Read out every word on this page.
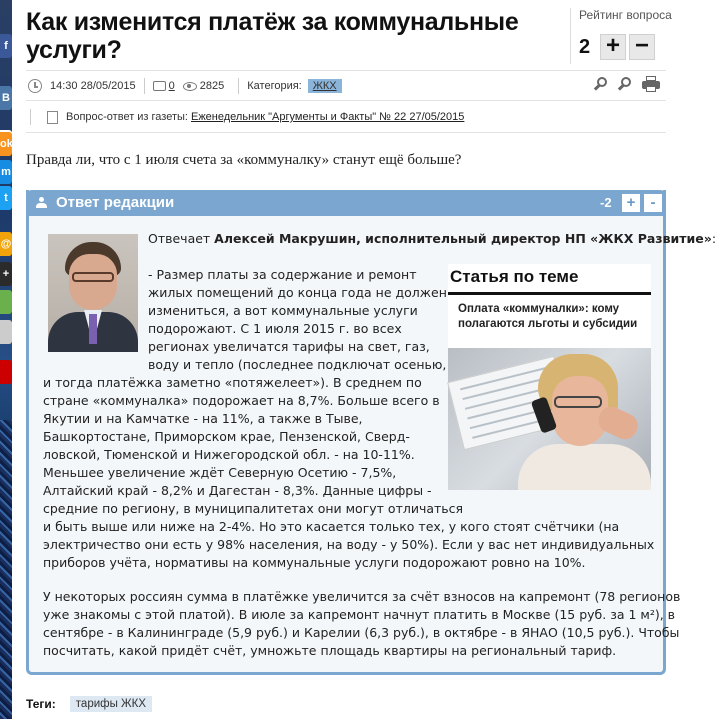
f
B
ok
m
t
@
+
Как изменится платёж за коммунальные услуги?
Рейтинг вопроса
2 + −
14:30 28/05/2015	0 2825 Категория:	ЖКХ
Вопрос-ответ из газеты: Еженедельник "Аргументы и Факты" № 22 27/05/2015
Правда ли, что с 1 июля счета за «коммуналку» станут ещё больше?
Ответ редакции	-2	+	-
Отвечает Алексей Макрушин, исполнительный директор НП «ЖКХ Развитие»:
Статья по теме
Оплата «коммуналки»: кому полагаются льготы и субсидии
- Размер платы за содержание и ремонт
жилых помещений до конца года не должен
измениться, а вот коммунальные услуги
подорожают. С 1 июля 2015 г. во всех
регионах увеличатся тарифы на свет, газ,
воду и тепло (последнее подключат осенью,
и тогда платёжка заметно «потяжелеет»). В среднем по
стране «коммуналка» подорожает на 8,7%. Больше всего в
Якутии и на Камчатке - на 11%, а также в Тыве,
Башкортостане, Приморском крае, Пензенской, Сверд-
ловской, Тюменской и Нижегородской обл. - на 10-11%.
Меньшее увеличение ждёт Северную Осетию - 7,5%,
Алтайский край - 8,2% и Дагестан - 8,3%. Данные цифры -
средние по региону, в муниципалитетах они могут отличаться
и быть выше или ниже на 2-4%. Но это касается только тех, у кого стоят счётчики (на
электричество они есть у 98% населения, на воду - у 50%). Если у вас нет индивидуальных
приборов учёта, нормативы на коммунальные услуги подорожают ровно на 10%.
У некоторых россиян сумма в платёжке увеличится за счёт взносов на капремонт (78 регионов
уже знакомы с этой платой). В июле за капремонт начнут платить в Москве (15 руб. за 1 м²), в
сентябре - в Калининграде (5,9 руб.) и Карелии (6,3 руб.), в октябре - в ЯНАО (10,5 руб.). Чтобы
посчитать, какой придёт счёт, умножьте площадь квартиры на региональный тариф.
Теги:	тарифы ЖКХ
